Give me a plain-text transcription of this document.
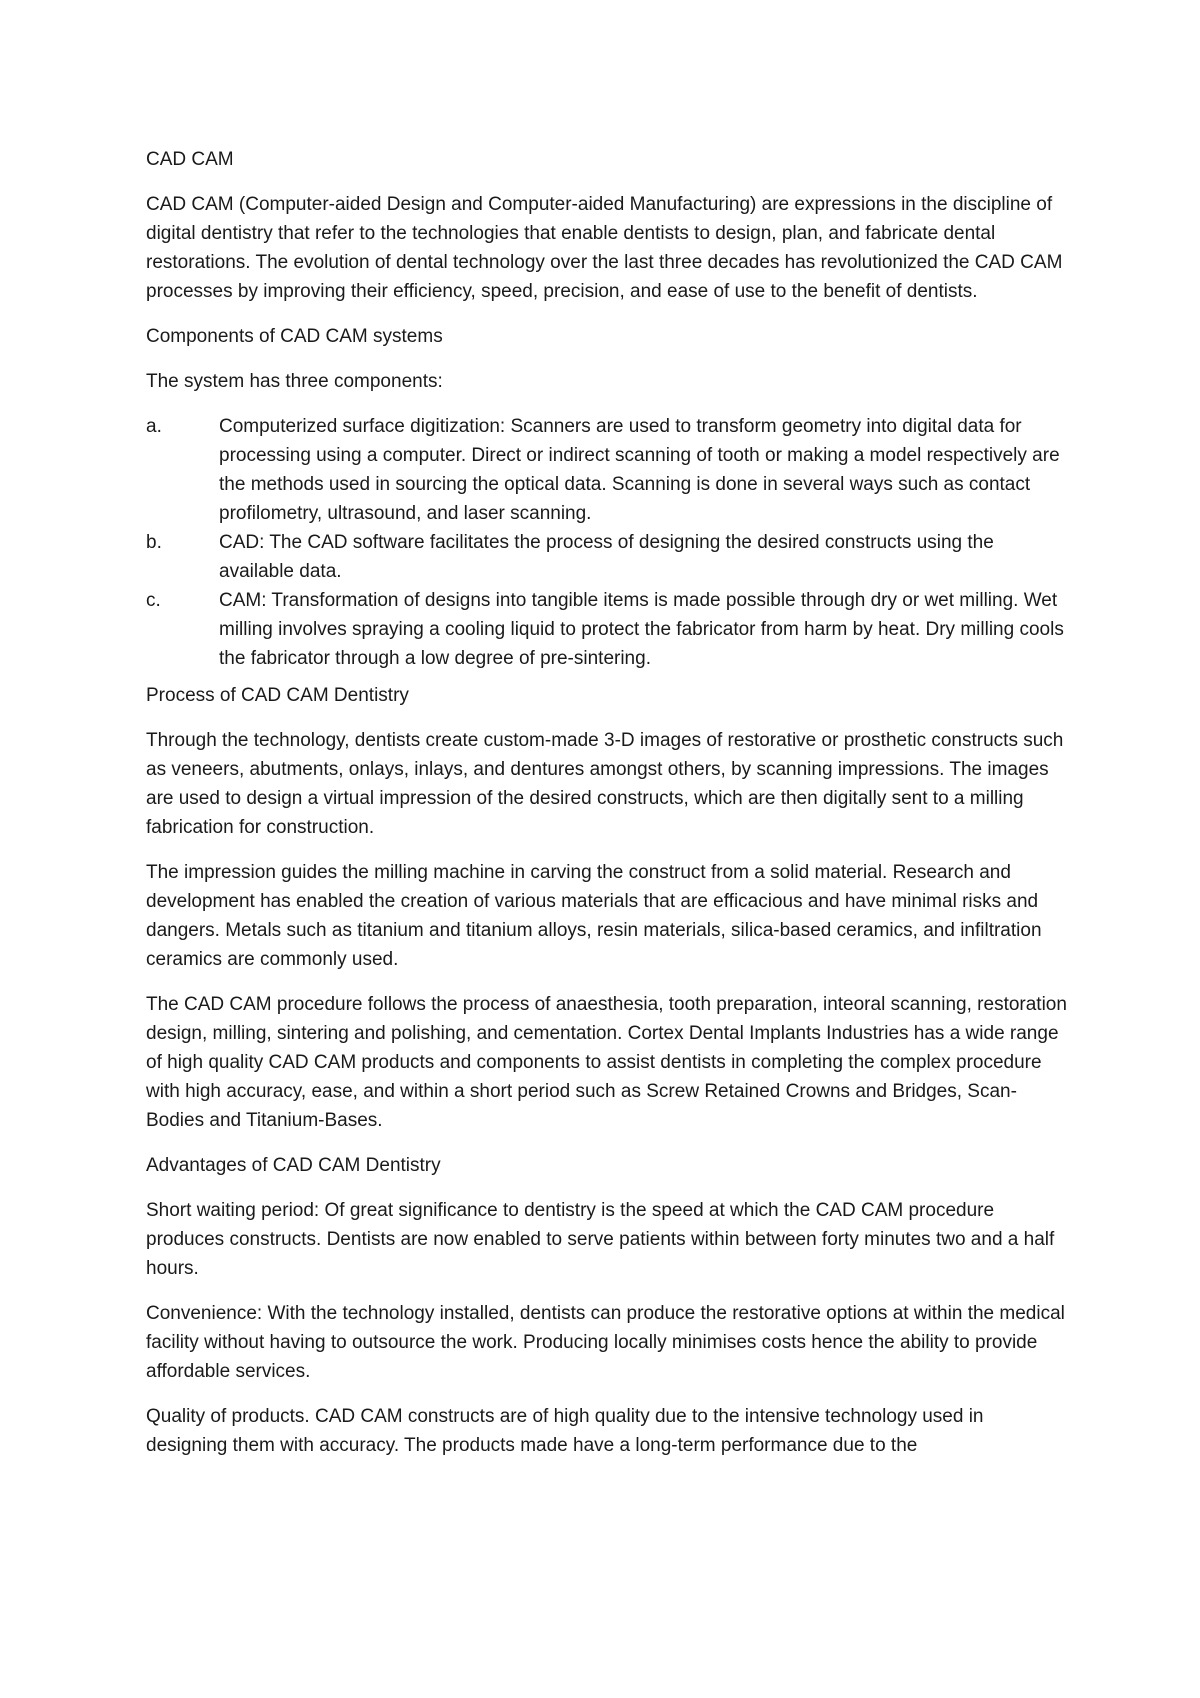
CAD CAM

CAD CAM (Computer-aided Design and Computer-aided Manufacturing) are expressions in the discipline of digital dentistry that refer to the technologies that enable dentists to design, plan, and fabricate dental restorations. The evolution of dental technology over the last three decades has revolutionized the CAD CAM processes by improving their efficiency, speed, precision, and ease of use to the benefit of dentists.

Components of CAD CAM systems

The system has three components:

a.	Computerized surface digitization: Scanners are used to transform geometry into digital data for processing using a computer. Direct or indirect scanning of tooth or making a model respectively are the methods used in sourcing the optical data. Scanning is done in several ways such as contact profilometry, ultrasound, and laser scanning.
b.	CAD: The CAD software facilitates the process of designing the desired constructs using the available data.
c.	CAM: Transformation of designs into tangible items is made possible through dry or wet milling. Wet milling involves spraying a cooling liquid to protect the fabricator from harm by heat. Dry milling cools the fabricator through a low degree of pre-sintering.

Process of CAD CAM Dentistry

Through the technology, dentists create custom-made 3-D images of restorative or prosthetic constructs such as veneers, abutments, onlays, inlays, and dentures amongst others, by scanning impressions. The images are used to design a virtual impression of the desired constructs, which are then digitally sent to a milling fabrication for construction.

The impression guides the milling machine in carving the construct from a solid material. Research and development has enabled the creation of various materials that are efficacious and have minimal risks and dangers. Metals such as titanium and titanium alloys, resin materials, silica-based ceramics, and infiltration ceramics are commonly used.

The CAD CAM procedure follows the process of anaesthesia, tooth preparation, inteoral scanning, restoration design, milling, sintering and polishing, and cementation. Cortex Dental Implants Industries has a wide range of high quality CAD CAM products and components to assist dentists in completing the complex procedure with high accuracy, ease, and within a short period such as Screw Retained Crowns and Bridges, Scan-Bodies and Titanium-Bases.

Advantages of CAD CAM Dentistry

Short waiting period: Of great significance to dentistry is the speed at which the CAD CAM procedure produces constructs. Dentists are now enabled to serve patients within between forty minutes two and a half hours.

Convenience: With the technology installed, dentists can produce the restorative options at within the medical facility without having to outsource the work. Producing locally minimises costs hence the ability to provide affordable services.

Quality of products. CAD CAM constructs are of high quality due to the intensive technology used in designing them with accuracy. The products made have a long-term performance due to the
